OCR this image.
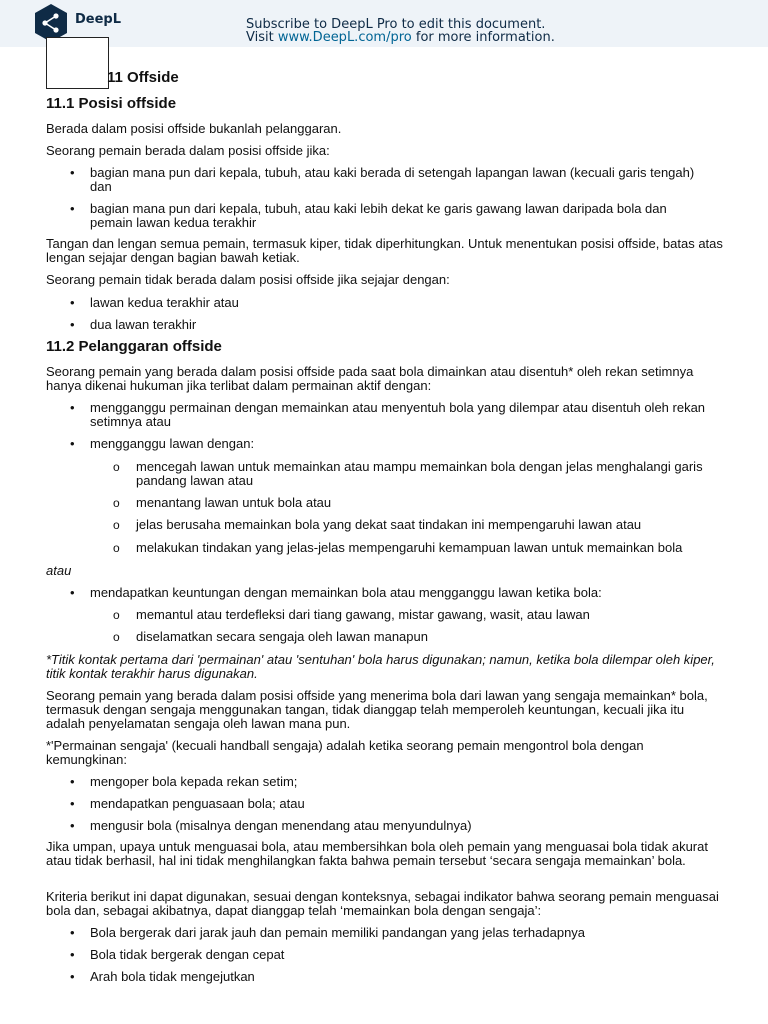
DeepL	Subscribe to DeepL Pro to edit this document.
Visit www.DeepL.com/pro for more information.
11 Offside
11.1 Posisi offside
Berada dalam posisi offside bukanlah pelanggaran.
Seorang pemain berada dalam posisi offside jika:
• bagian mana pun dari kepala, tubuh, atau kaki berada di setengah lapangan lawan (kecuali garis tengah) dan
• bagian mana pun dari kepala, tubuh, atau kaki lebih dekat ke garis gawang lawan daripada bola dan pemain lawan kedua terakhir
Tangan dan lengan semua pemain, termasuk kiper, tidak diperhitungkan. Untuk menentukan posisi offside, batas atas lengan sejajar dengan bagian bawah ketiak.
Seorang pemain tidak berada dalam posisi offside jika sejajar dengan:
• lawan kedua terakhir atau
• dua lawan terakhir
11.2 Pelanggaran offside
Seorang pemain yang berada dalam posisi offside pada saat bola dimainkan atau disentuh* oleh rekan setimnya hanya dikenai hukuman jika terlibat dalam permainan aktif dengan:
• mengganggu permainan dengan memainkan atau menyentuh bola yang dilempar atau disentuh oleh rekan setimnya atau
• mengganggu lawan dengan:
o mencegah lawan untuk memainkan atau mampu memainkan bola dengan jelas menghalangi garis pandang lawan atau
o menantang lawan untuk bola atau
o jelas berusaha memainkan bola yang dekat saat tindakan ini mempengaruhi lawan atau
o melakukan tindakan yang jelas-jelas mempengaruhi kemampuan lawan untuk memainkan bola
atau
• mendapatkan keuntungan dengan memainkan bola atau mengganggu lawan ketika bola:
o memantul atau terdefleksi dari tiang gawang, mistar gawang, wasit, atau lawan
o diselamatkan secara sengaja oleh lawan manapun
*Titik kontak pertama dari 'permainan' atau 'sentuhan' bola harus digunakan; namun, ketika bola dilempar oleh kiper, titik kontak terakhir harus digunakan.
Seorang pemain yang berada dalam posisi offside yang menerima bola dari lawan yang sengaja memainkan* bola, termasuk dengan sengaja menggunakan tangan, tidak dianggap telah memperoleh keuntungan, kecuali jika itu adalah penyelamatan sengaja oleh lawan mana pun.
*'Permainan sengaja' (kecuali handball sengaja) adalah ketika seorang pemain mengontrol bola dengan kemungkinan:
• mengoper bola kepada rekan setim;
• mendapatkan penguasaan bola; atau
• mengusir bola (misalnya dengan menendang atau menyundulnya)
Jika umpan, upaya untuk menguasai bola, atau membersihkan bola oleh pemain yang menguasai bola tidak akurat atau tidak berhasil, hal ini tidak menghilangkan fakta bahwa pemain tersebut ‘secara sengaja memainkan’ bola.
Kriteria berikut ini dapat digunakan, sesuai dengan konteksnya, sebagai indikator bahwa seorang pemain menguasai bola dan, sebagai akibatnya, dapat dianggap telah ‘memainkan bola dengan sengaja’:
• Bola bergerak dari jarak jauh dan pemain memiliki pandangan yang jelas terhadapnya
• Bola tidak bergerak dengan cepat
• Arah bola tidak mengejutkan
